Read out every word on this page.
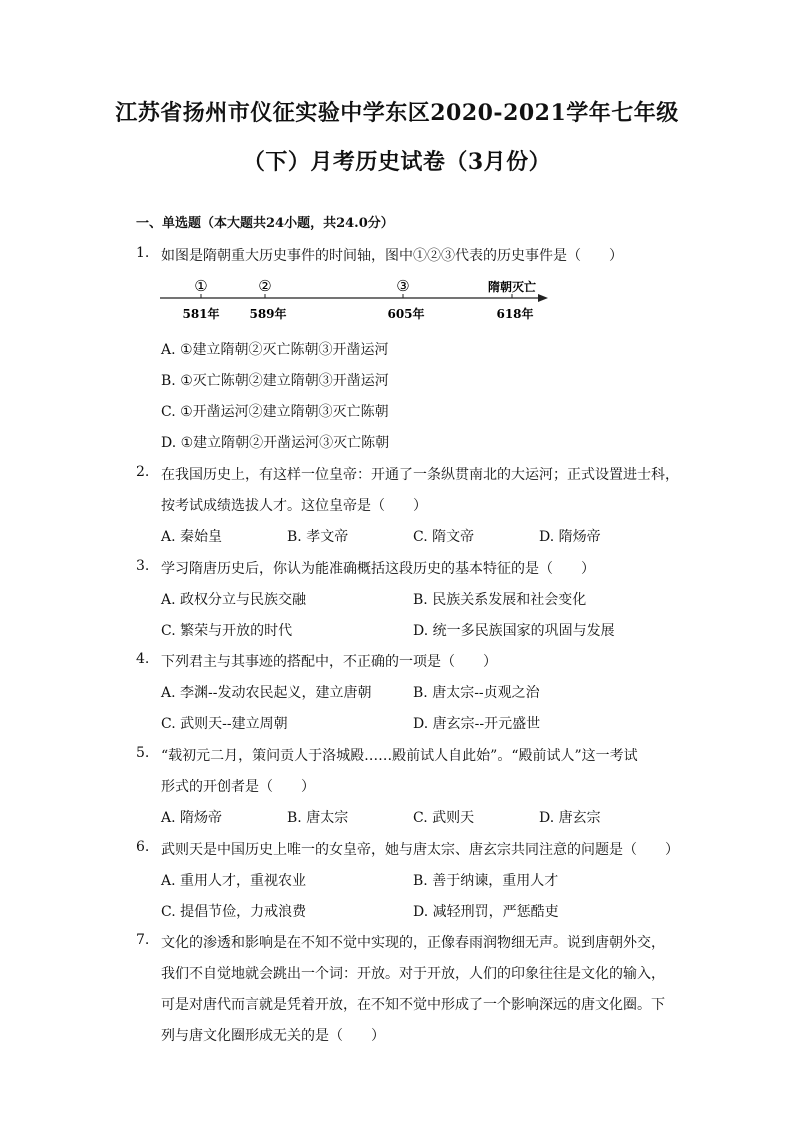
江苏省扬州市仪征实验中学东区2020-2021学年七年级
（下）月考历史试卷（3月份）
一、单选题（本大题共24小题，共24.0分）
1. 如图是隋朝重大历史事件的时间轴，图中①②③代表的历史事件是（　　）
①	②	③	隋朝灭亡
581年 589年	605年	618年
A. ①建立隋朝②灭亡陈朝③开凿运河
B. ①灭亡陈朝②建立隋朝③开凿运河
C. ①开凿运河②建立隋朝③灭亡陈朝
D. ①建立隋朝②开凿运河③灭亡陈朝
2. 在我国历史上，有这样一位皇帝：开通了一条纵贯南北的大运河；正式设置进士科，
按考试成绩选拔人才。这位皇帝是（　　）
A. 秦始皇	B. 孝文帝	C. 隋文帝	D. 隋炀帝
3. 学习隋唐历史后，你认为能准确概括这段历史的基本特征的是（　　）
A. 政权分立与民族交融	B. 民族关系发展和社会变化
C. 繁荣与开放的时代	D. 统一多民族国家的巩固与发展
4. 下列君主与其事迹的搭配中，不正确的一项是（　　）
A. 李渊--发动农民起义，建立唐朝	B. 唐太宗--贞观之治
C. 武则天--建立周朝	D. 唐玄宗--开元盛世
5. “载初元二月，策问贡人于洛城殿……殿前试人自此始”。“殿前试人”这一考试
形式的开创者是（　　）
A. 隋炀帝	B. 唐太宗	C. 武则天	D. 唐玄宗
6. 武则天是中国历史上唯一的女皇帝，她与唐太宗、唐玄宗共同注意的问题是（　　）
A. 重用人才，重视农业	B. 善于纳谏，重用人才
C. 提倡节俭，力戒浪费	D. 减轻刑罚，严惩酷吏
7. 文化的渗透和影响是在不知不觉中实现的，正像春雨润物细无声。说到唐朝外交，
我们不自觉地就会跳出一个词：开放。对于开放，人们的印象往往是文化的输入，
可是对唐代而言就是凭着开放，在不知不觉中形成了一个影响深远的唐文化圈。下
列与唐文化圈形成无关的是（　　）
